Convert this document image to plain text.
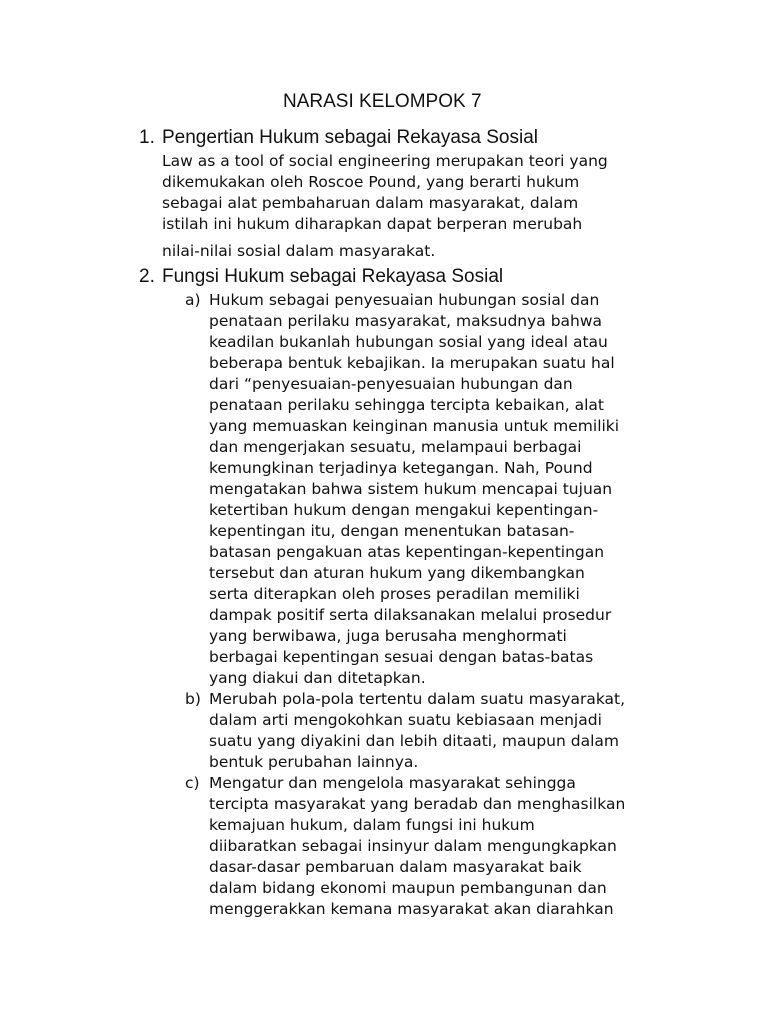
NARASI KELOMPOK 7
1. Pengertian Hukum sebagai Rekayasa Sosial
Law as a tool of social engineering merupakan teori yang
dikemukakan oleh Roscoe Pound, yang berarti hukum
sebagai alat pembaharuan dalam masyarakat, dalam
istilah ini hukum diharapkan dapat berperan merubah
nilai-nilai sosial dalam masyarakat.
2. Fungsi Hukum sebagai Rekayasa Sosial
a) Hukum sebagai penyesuaian hubungan sosial dan
penataan perilaku masyarakat, maksudnya bahwa
keadilan bukanlah hubungan sosial yang ideal atau
beberapa bentuk kebajikan. Ia merupakan suatu hal
dari “penyesuaian-penyesuaian hubungan dan
penataan perilaku sehingga tercipta kebaikan, alat
yang memuaskan keinginan manusia untuk memiliki
dan mengerjakan sesuatu, melampaui berbagai
kemungkinan terjadinya ketegangan. Nah, Pound
mengatakan bahwa sistem hukum mencapai tujuan
ketertiban hukum dengan mengakui kepentingan-
kepentingan itu, dengan menentukan batasan-
batasan pengakuan atas kepentingan-kepentingan
tersebut dan aturan hukum yang dikembangkan
serta diterapkan oleh proses peradilan memiliki
dampak positif serta dilaksanakan melalui prosedur
yang berwibawa, juga berusaha menghormati
berbagai kepentingan sesuai dengan batas-batas
yang diakui dan ditetapkan.
b) Merubah pola-pola tertentu dalam suatu masyarakat,
dalam arti mengokohkan suatu kebiasaan menjadi
suatu yang diyakini dan lebih ditaati, maupun dalam
bentuk perubahan lainnya.
c) Mengatur dan mengelola masyarakat sehingga
tercipta masyarakat yang beradab dan menghasilkan
kemajuan hukum, dalam fungsi ini hukum
diibaratkan sebagai insinyur dalam mengungkapkan
dasar-dasar pembaruan dalam masyarakat baik
dalam bidang ekonomi maupun pembangunan dan
menggerakkan kemana masyarakat akan diarahkan
